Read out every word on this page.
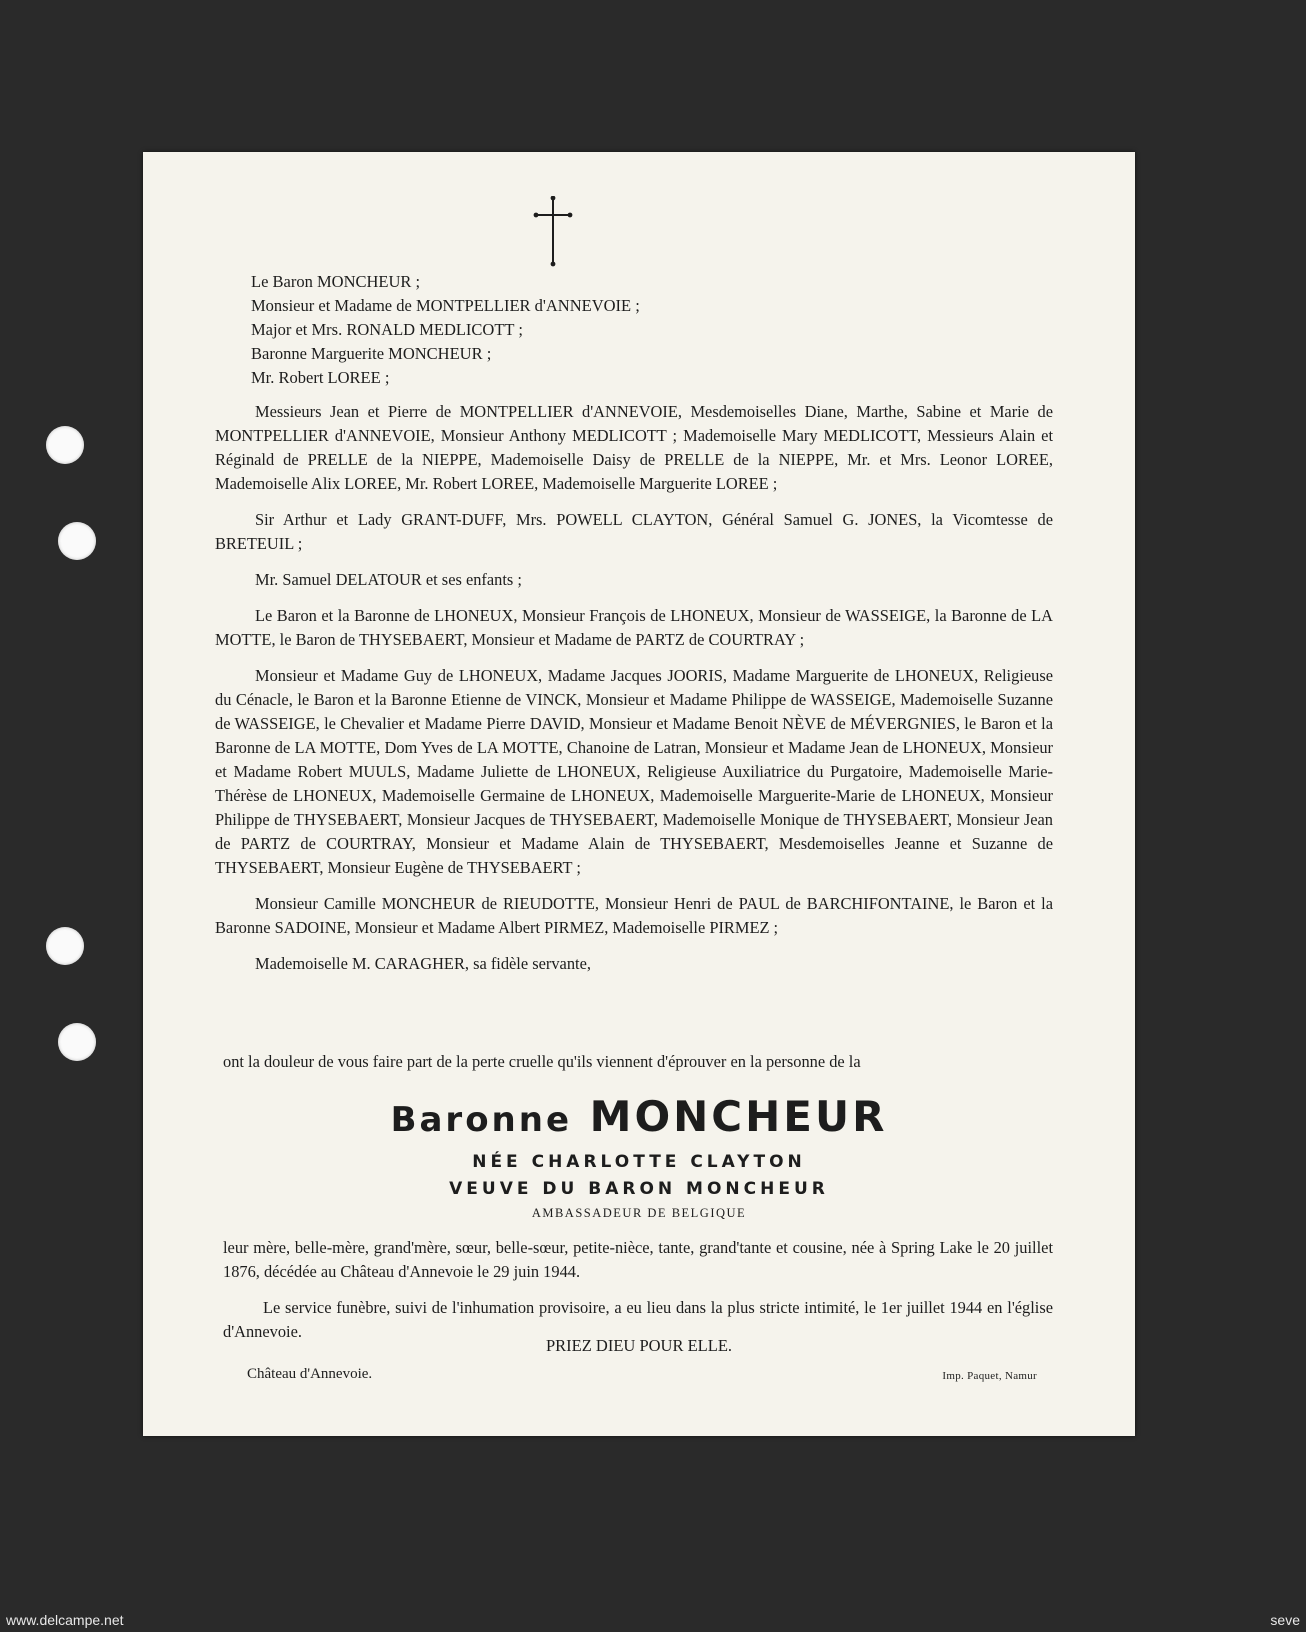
Le Baron MONCHEUR ;
Monsieur et Madame de MONTPELLIER d'ANNEVOIE ;
Major et Mrs. RONALD MEDLICOTT ;
Baronne Marguerite MONCHEUR ;
Mr. Robert LOREE ;

Messieurs Jean et Pierre de MONTPELLIER d'ANNEVOIE, Mesdemoiselles Diane, Marthe, Sabine et Marie de MONTPELLIER d'ANNEVOIE, Monsieur Anthony MEDLICOTT ; Mademoiselle Mary MEDLICOTT, Messieurs Alain et Réginald de PRELLE de la NIEPPE, Mademoiselle Daisy de PRELLE de la NIEPPE, Mr. et Mrs. Leonor LOREE, Mademoiselle Alix LOREE, Mr. Robert LOREE, Mademoiselle Marguerite LOREE ;

Sir Arthur et Lady GRANT-DUFF, Mrs. POWELL CLAYTON, Général Samuel G. JONES, la Vicomtesse de BRETEUIL ;

Mr. Samuel DELATOUR et ses enfants ;

Le Baron et la Baronne de LHONEUX, Monsieur François de LHONEUX, Monsieur de WASSEIGE, la Baronne de LA MOTTE, le Baron de THYSEBAERT, Monsieur et Madame de PARTZ de COURTRAY ;

Monsieur et Madame Guy de LHONEUX, Madame Jacques JOORIS, Madame Marguerite de LHONEUX, Religieuse du Cénacle, le Baron et la Baronne Etienne de VINCK, Monsieur et Madame Philippe de WASSEIGE, Mademoiselle Suzanne de WASSEIGE, le Chevalier et Madame Pierre DAVID, Monsieur et Madame Benoit NÈVE de MÉVERGNIES, le Baron et la Baronne de LA MOTTE, Dom Yves de LA MOTTE, Chanoine de Latran, Monsieur et Madame Jean de LHONEUX, Monsieur et Madame Robert MUULS, Madame Juliette de LHONEUX, Religieuse Auxiliatrice du Purgatoire, Mademoiselle Marie-Thérèse de LHONEUX, Mademoiselle Germaine de LHONEUX, Mademoiselle Marguerite-Marie de LHONEUX, Monsieur Philippe de THYSEBAERT, Monsieur Jacques de THYSEBAERT, Mademoiselle Monique de THYSEBAERT, Monsieur Jean de PARTZ de COURTRAY, Monsieur et Madame Alain de THYSEBAERT, Mesdemoiselles Jeanne et Suzanne de THYSEBAERT, Monsieur Eugène de THYSEBAERT ;

Monsieur Camille MONCHEUR de RIEUDOTTE, Monsieur Henri de PAUL de BARCHIFONTAINE, le Baron et la Baronne SADOINE, Monsieur et Madame Albert PIRMEZ, Mademoiselle PIRMEZ ;

Mademoiselle M. CARAGHER, sa fidèle servante,

ont la douleur de vous faire part de la perte cruelle qu'ils viennent d'éprouver en la personne de la
Baronne MONCHEUR
NÉE CHARLOTTE CLAYTON
VEUVE DU BARON MONCHEUR
AMBASSADEUR DE BELGIQUE

leur mère, belle-mère, grand'mère, sœur, belle-sœur, petite-nièce, tante, grand'tante et cousine, née à Spring Lake le 20 juillet 1876, décédée au Château d'Annevoie le 29 juin 1944.

Le service funèbre, suivi de l'inhumation provisoire, a eu lieu dans la plus stricte intimité, le 1er juillet 1944 en l'église d'Annevoie.

PRIEZ DIEU POUR ELLE.
Château d'Annevoie.	Imp. Paquet, Namur
www.delcampe.net	seve
